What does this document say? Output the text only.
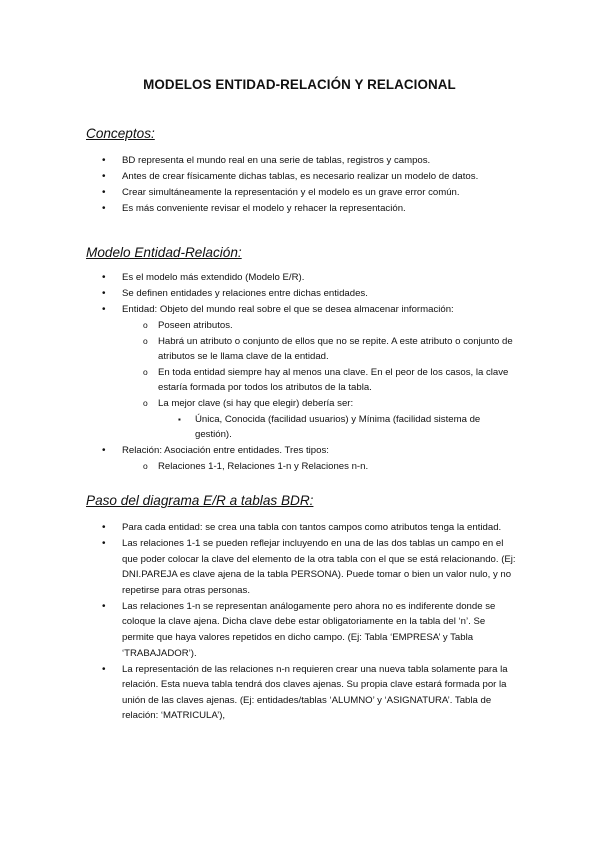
MODELOS ENTIDAD-RELACIÓN Y RELACIONAL
Conceptos:
• BD representa el mundo real en una serie de tablas, registros y campos.
• Antes de crear físicamente dichas tablas, es necesario realizar un modelo de datos.
• Crear simultáneamente la representación y el modelo es un grave error común.
• Es más conveniente revisar el modelo y rehacer la representación.
Modelo Entidad-Relación:
• Es el modelo más extendido (Modelo E/R).
• Se definen entidades y relaciones entre dichas entidades.
• Entidad: Objeto del mundo real sobre el que se desea almacenar información:
o Poseen atributos.
o Habrá un atributo o conjunto de ellos que no se repite. A este atributo o conjunto de atributos se le llama clave de la entidad.
o En toda entidad siempre hay al menos una clave. En el peor de los casos, la clave estaría formada por todos los atributos de la tabla.
o La mejor clave (si hay que elegir) debería ser:
▪ Única, Conocida (facilidad usuarios) y Mínima (facilidad sistema de gestión).
• Relación: Asociación entre entidades. Tres tipos:
o Relaciones 1-1, Relaciones 1-n y Relaciones n-n.
Paso del diagrama E/R a tablas BDR:
• Para cada entidad: se crea una tabla con tantos campos como atributos tenga la entidad.
• Las relaciones 1-1 se pueden reflejar incluyendo en una de las dos tablas un campo en el que poder colocar la clave del elemento de la otra tabla con el que se está relacionando. (Ej: DNI.PAREJA es clave ajena de la tabla PERSONA). Puede tomar o bien un valor nulo, y no repetirse para otras personas.
• Las relaciones 1-n se representan análogamente pero ahora no es indiferente donde se coloque la clave ajena. Dicha clave debe estar obligatoriamente en la tabla del ‘n’. Se permite que haya valores repetidos en dicho campo. (Ej: Tabla ‘EMPRESA’ y Tabla ‘TRABAJADOR’).
• La representación de las relaciones n-n requieren crear una nueva tabla solamente para la relación. Esta nueva tabla tendrá dos claves ajenas. Su propia clave estará formada por la unión de las claves ajenas. (Ej: entidades/tablas ‘ALUMNO’ y ‘ASIGNATURA’. Tabla de relación: ‘MATRICULA’),
